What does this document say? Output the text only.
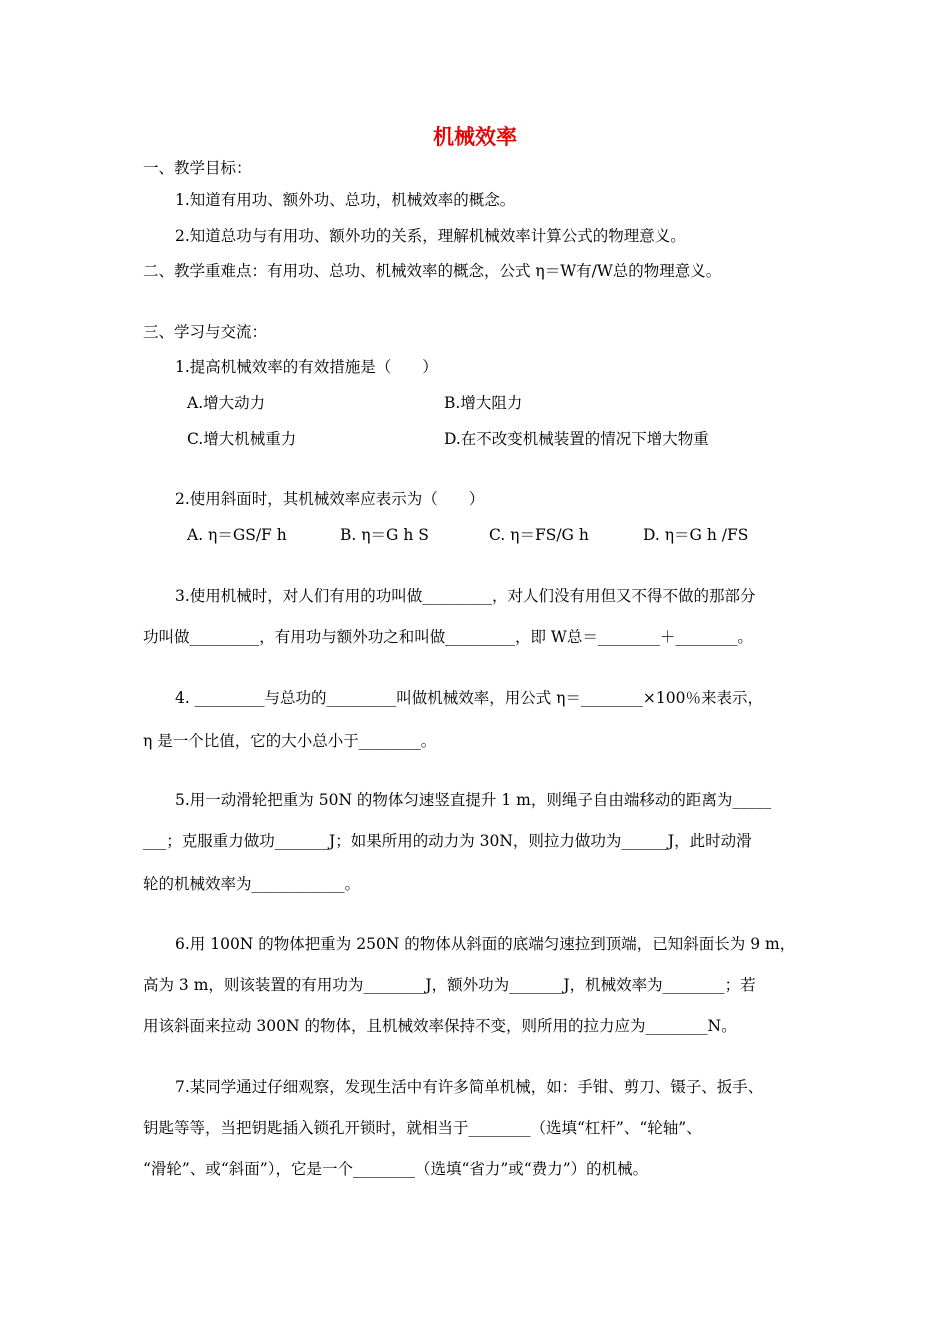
机械效率
一、教学目标：
1.知道有用功、额外功、总功，机械效率的概念。
2.知道总功与有用功、额外功的关系，理解机械效率计算公式的物理意义。
二、教学重难点：有用功、总功、机械效率的概念，公式 η＝W有/W总的物理意义。
三、学习与交流：
1.提高机械效率的有效措施是（　　）
A.增大动力	B.增大阻力
C.增大机械重力	D.在不改变机械装置的情况下增大物重
2.使用斜面时，其机械效率应表示为（　　）
A. η＝GS/F h	B. η＝G h S	C. η＝FS/G h	D. η＝G h /FS
3.使用机械时，对人们有用的功叫做_________，对人们没有用但又不得不做的那部分
功叫做_________，有用功与额外功之和叫做_________，即 W总＝________＋________。
4. _________与总功的_________叫做机械效率，用公式 η＝________×100％来表示，
η 是一个比值，它的大小总小于________。
5.用一动滑轮把重为 50N 的物体匀速竖直提升 1 m，则绳子自由端移动的距离为_____
___；克服重力做功_______J；如果所用的动力为 30N，则拉力做功为______J，此时动滑
轮的机械效率为____________。
6.用 100N 的物体把重为 250N 的物体从斜面的底端匀速拉到顶端，已知斜面长为 9 m，
高为 3 m，则该装置的有用功为________J，额外功为_______J，机械效率为________；若
用该斜面来拉动 300N 的物体，且机械效率保持不变，则所用的拉力应为________N。
7.某同学通过仔细观察，发现生活中有许多简单机械，如：手钳、剪刀、镊子、扳手、
钥匙等等，当把钥匙插入锁孔开锁时，就相当于________（选填“杠杆”、“轮轴”、
“滑轮”、或“斜面”），它是一个________（选填“省力”或“费力”）的机械。
